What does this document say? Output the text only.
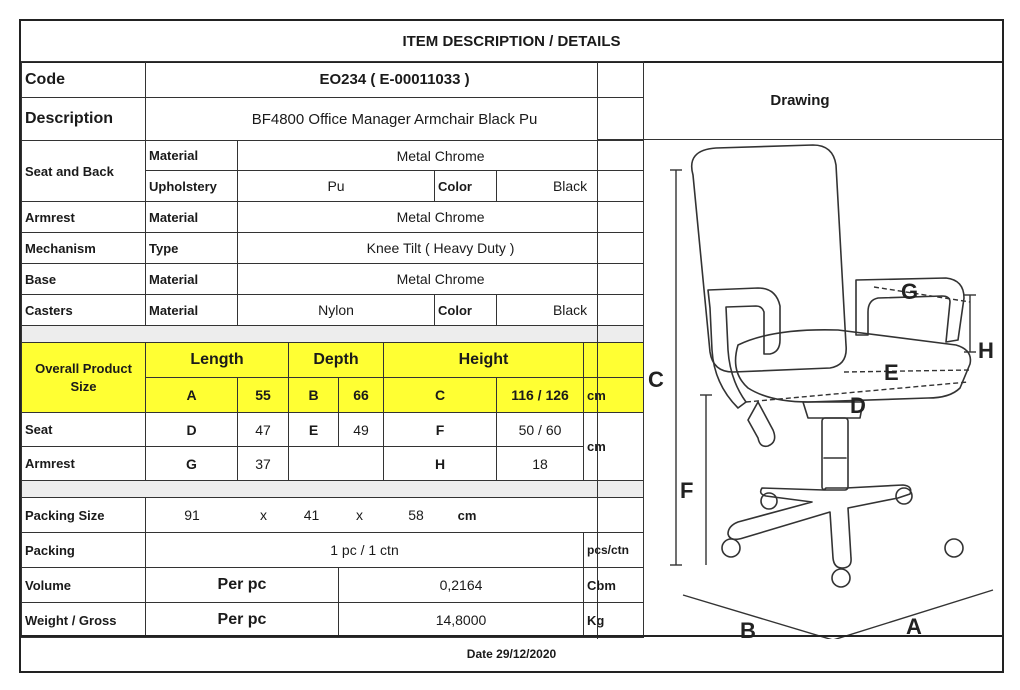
ITEM DESCRIPTION / DETAILS
Code	EO234 ( E-00011033 )							
Description	BF4800 Office Manager Armchair Black Pu							
Seat and Back	Material	Metal Chrome						
	Upholstery	Pu				Color	Black	
Armrest	Material	Metal Chrome						
Mechanism	Type	Knee Tilt ( Heavy Duty )						
Base	Material	Metal Chrome						
Casters	Material	Nylon				Color	Black	

Overall Product Size	Length		Depth		Height			
	A	55	B	66	C		116 / 126	cm
Seat	D	47	E	49	F		50 / 60	cm
Armrest	G	37			H		18	

Packing Size	91 x 41 x 58 cm							
Packing	1 pc / 1 ctn							pcs/ctn
Volume	Per pc			0,2164				Cbm
Weight / Gross	Per pc			14,8000				Kg
Drawing
C
F
G
H
E
D
B	A
Date 29/12/2020
